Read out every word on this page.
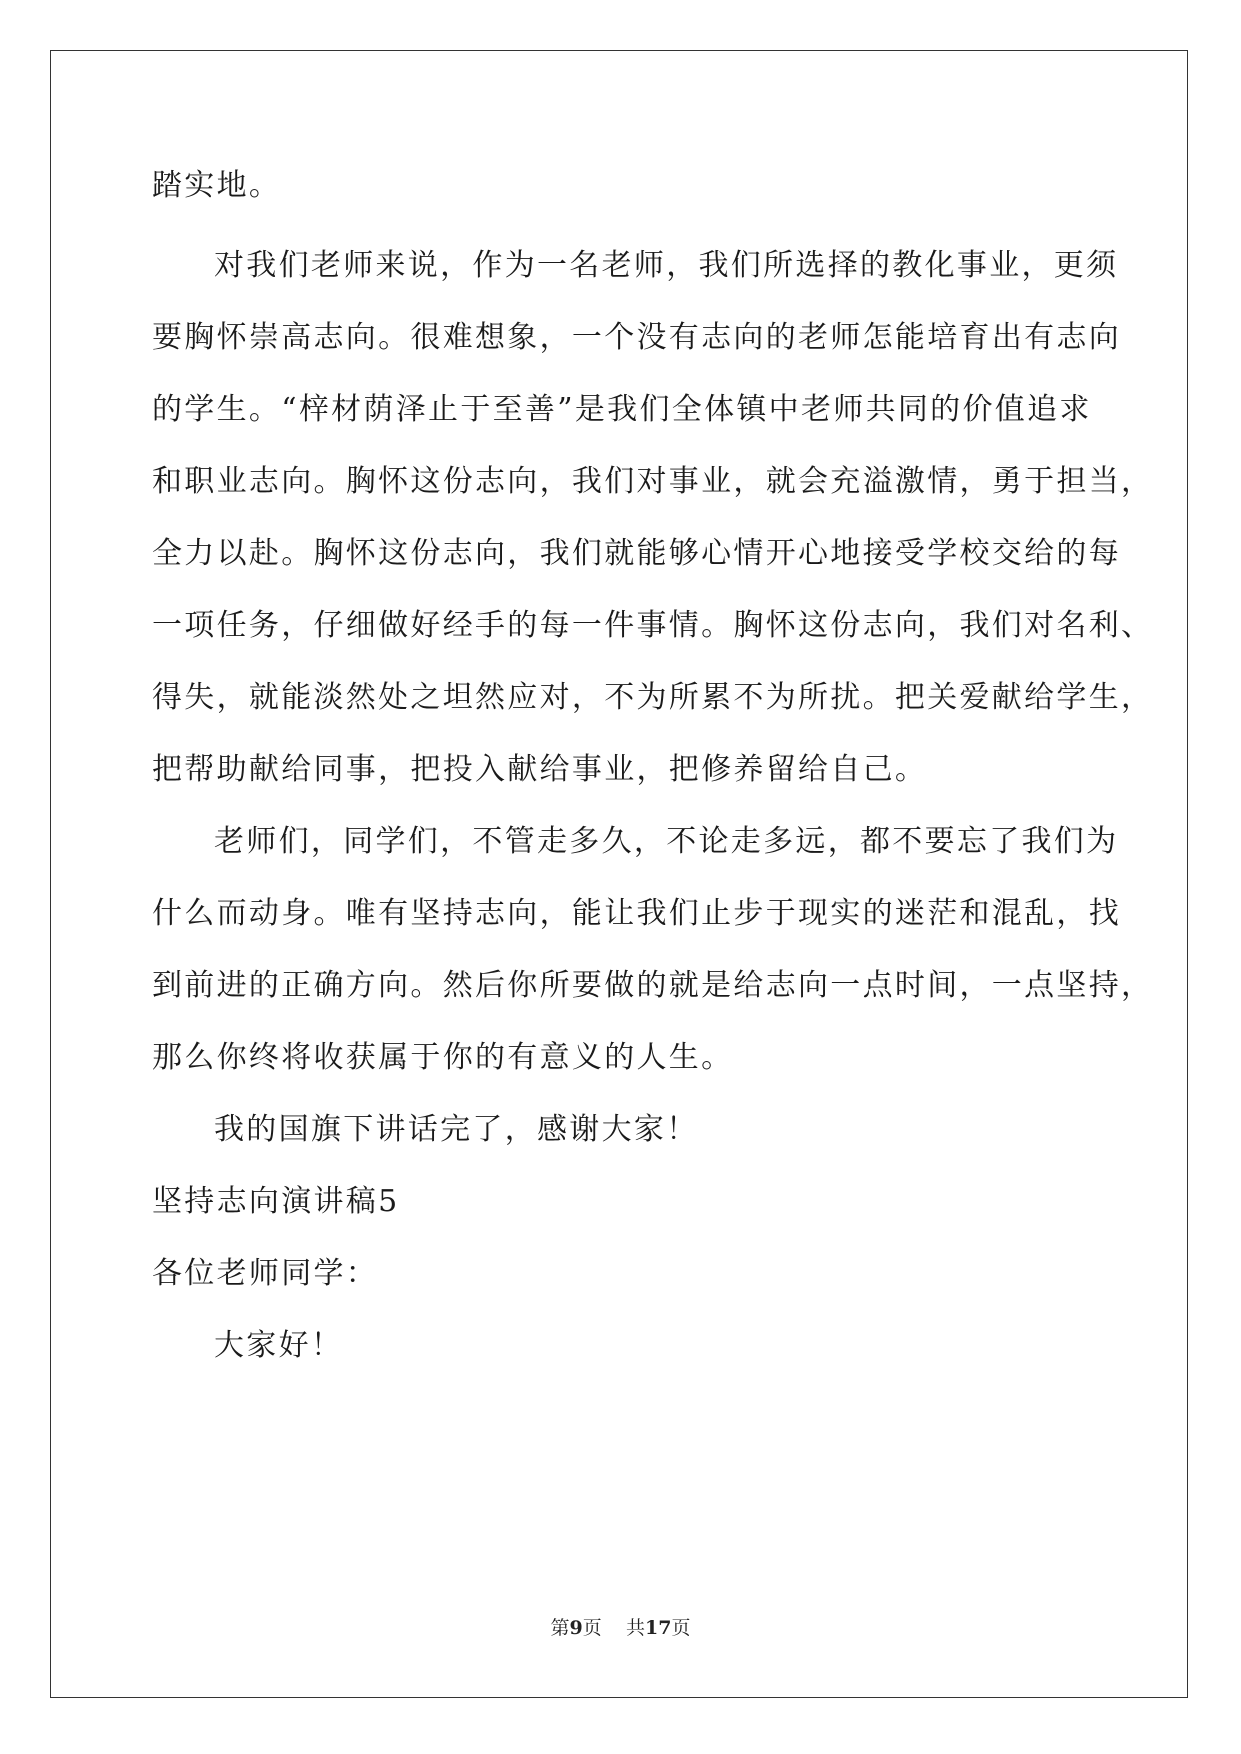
踏实地。
对我们老师来说，作为一名老师，我们所选择的教化事业，更须
要胸怀崇高志向。很难想象，一个没有志向的老师怎能培育出有志向
的学生。“梓材荫泽止于至善”是我们全体镇中老师共同的价值追求
和职业志向。胸怀这份志向，我们对事业，就会充溢激情，勇于担当，
全力以赴。胸怀这份志向，我们就能够心情开心地接受学校交给的每
一项任务，仔细做好经手的每一件事情。胸怀这份志向，我们对名利、
得失，就能淡然处之坦然应对，不为所累不为所扰。把关爱献给学生，
把帮助献给同事，把投入献给事业，把修养留给自己。
老师们，同学们，不管走多久，不论走多远，都不要忘了我们为
什么而动身。唯有坚持志向，能让我们止步于现实的迷茫和混乱，找
到前进的正确方向。然后你所要做的就是给志向一点时间，一点坚持，
那么你终将收获属于你的有意义的人生。
我的国旗下讲话完了，感谢大家！
坚持志向演讲稿5
各位老师同学：
大家好！
第9页 共17页
